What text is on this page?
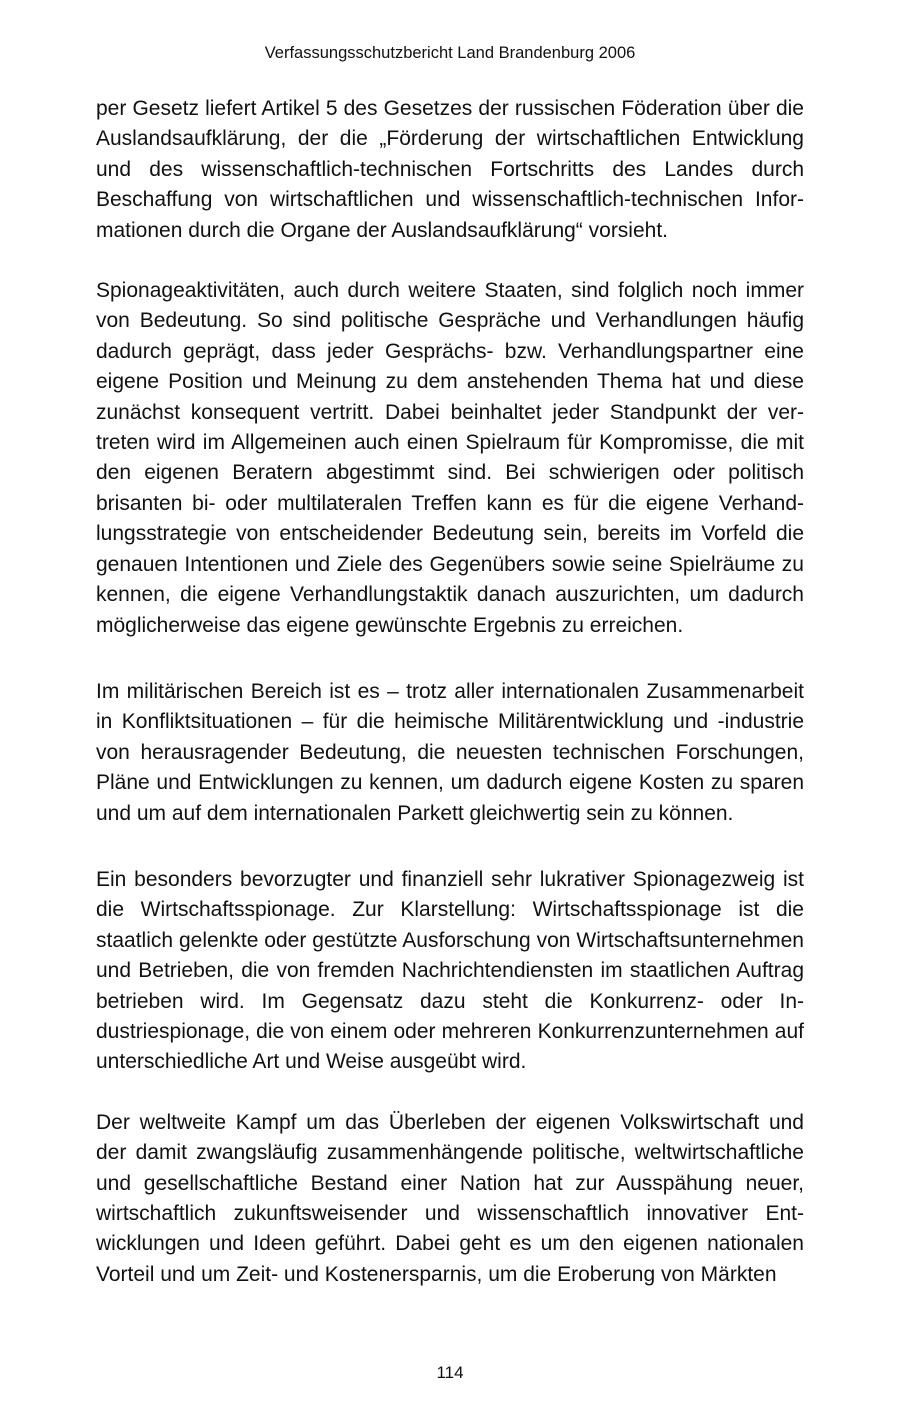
Verfassungsschutzbericht Land Brandenburg 2006

per Gesetz liefert Artikel 5 des Gesetzes der russischen Föderation über die Auslandsaufklärung, der die „Förderung der wirtschaftlichen Entwicklung und des wissenschaftlich-technischen Fortschritts des Landes durch Beschaffung von wirtschaftlichen und wissenschaftlich-technischen Informationen durch die Organe der Auslandsaufklärung“ vorsieht.

Spionageaktivitäten, auch durch weitere Staaten, sind folglich noch immer von Bedeutung. So sind politische Gespräche und Verhandlungen häufig dadurch geprägt, dass jeder Gesprächs- bzw. Verhandlungspartner eine eigene Position und Meinung zu dem anstehenden Thema hat und diese zunächst konsequent vertritt. Dabei beinhaltet jeder Standpunkt der vertreten wird im Allgemeinen auch einen Spielraum für Kompromisse, die mit den eigenen Beratern abgestimmt sind. Bei schwierigen oder politisch brisanten bi- oder multilateralen Treffen kann es für die eigene Verhandlungsstrategie von entscheidender Bedeutung sein, bereits im Vorfeld die genauen Intentionen und Ziele des Gegenübers sowie seine Spielräume zu kennen, die eigene Verhandlungstaktik danach auszurichten, um dadurch möglicherweise das eigene gewünschte Ergebnis zu erreichen.

Im militärischen Bereich ist es – trotz aller internationalen Zusammenarbeit in Konfliktsituationen – für die heimische Militärentwicklung und -industrie von herausragender Bedeutung, die neuesten technischen Forschungen, Pläne und Entwicklungen zu kennen, um dadurch eigene Kosten zu sparen und um auf dem internationalen Parkett gleichwertig sein zu können.

Ein besonders bevorzugter und finanziell sehr lukrativer Spionagezweig ist die Wirtschaftsspionage. Zur Klarstellung: Wirtschaftsspionage ist die staatlich gelenkte oder gestützte Ausforschung von Wirtschaftsunternehmen und Betrieben, die von fremden Nachrichtendiensten im staatlichen Auftrag betrieben wird. Im Gegensatz dazu steht die Konkurrenz- oder Industriespionage, die von einem oder mehreren Konkurrenzunternehmen auf unterschiedliche Art und Weise ausgeübt wird.

Der weltweite Kampf um das Überleben der eigenen Volkswirtschaft und der damit zwangsläufig zusammenhängende politische, weltwirtschaftliche und gesellschaftliche Bestand einer Nation hat zur Ausspähung neuer, wirtschaftlich zukunftsweisender und wissenschaftlich innovativer Entwicklungen und Ideen geführt. Dabei geht es um den eigenen nationalen Vorteil und um Zeit- und Kostenersparnis, um die Eroberung von Märkten

114
